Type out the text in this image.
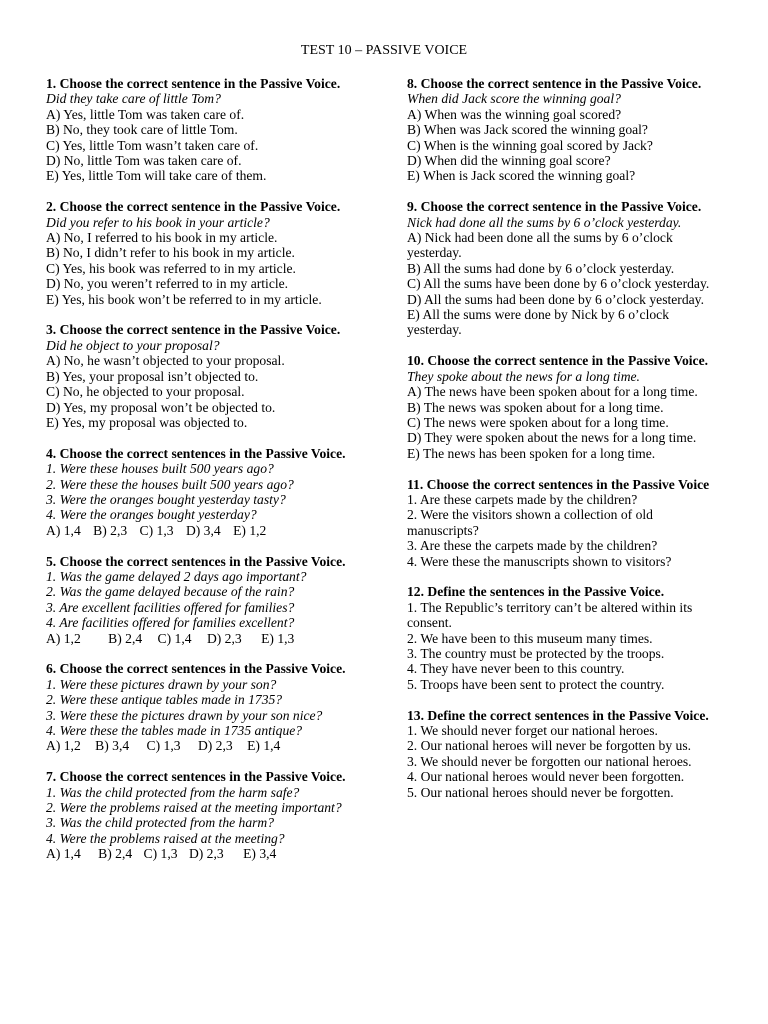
TEST 10 – PASSIVE VOICE
1. Choose the correct sentence in the Passive Voice.
Did they take care of little Tom?
A) Yes, little Tom was taken care of.
B) No, they took care of little Tom.
C) Yes, little Tom wasn’t taken care of.
D) No, little Tom was taken care of.
E) Yes, little Tom will take care of them.
2. Choose the correct sentence in the Passive Voice.
Did you refer to his book in your article?
A) No, I referred to his book in my article.
B) No, I didn’t refer to his book in my article.
C) Yes, his book was referred to in my article.
D) No, you weren’t referred to in my article.
E) Yes, his book won’t be referred to in my article.
3. Choose the correct sentence in the Passive Voice.
Did he object to your proposal?
A) No, he wasn’t objected to your proposal.
B) Yes, your proposal isn’t objected to.
C) No, he objected to your proposal.
D) Yes, my proposal won’t be objected to.
E) Yes, my proposal was objected to.
4. Choose the correct sentences in the Passive Voice.
1. Were these houses built 500 years ago?
2. Were these the houses built 500 years ago?
3. Were the oranges bought yesterday tasty?
4. Were the oranges bought yesterday?
A) 1,4 B) 2,3 C) 1,3 D) 3,4 E) 1,2
5. Choose the correct sentences in the Passive Voice.
1. Was the game delayed 2 days ago important?
2. Was the game delayed because of the rain?
3. Are excellent facilities offered for families?
4. Are facilities offered for families excellent?
A) 1,2 B) 2,4 C) 1,4 D) 2,3 E) 1,3
6. Choose the correct sentences in the Passive Voice.
1. Were these pictures drawn by your son?
2. Were these antique tables made in 1735?
3. Were these the pictures drawn by your son nice?
4. Were these the tables made in 1735 antique?
A) 1,2 B) 3,4 C) 1,3 D) 2,3 E) 1,4
7. Choose the correct sentences in the Passive Voice.
1. Was the child protected from the harm safe?
2. Were the problems raised at the meeting important?
3. Was the child protected from the harm?
4. Were the problems raised at the meeting?
A) 1,4 B) 2,4 C) 1,3 D) 2,3 E) 3,4
8. Choose the correct sentence in the Passive Voice.
When did Jack score the winning goal?
A) When was the winning goal scored?
B) When was Jack scored the winning goal?
C) When is the winning goal scored by Jack?
D) When did the winning goal score?
E) When is Jack scored the winning goal?
9. Choose the correct sentence in the Passive Voice.
Nick had done all the sums by 6 o’clock yesterday.
A) Nick had been done all the sums by 6 o’clock yesterday.
B) All the sums had done by 6 o’clock yesterday.
C) All the sums have been done by 6 o’clock yesterday.
D) All the sums had been done by 6 o’clock yesterday.
E) All the sums were done by Nick by 6 o’clock yesterday.
10. Choose the correct sentence in the Passive Voice.
They spoke about the news for a long time.
A) The news have been spoken about for a long time.
B) The news was spoken about for a long time.
C) The news were spoken about for a long time.
D) They were spoken about the news for a long time.
E) The news has been spoken for a long time.
11. Choose the correct sentences in the Passive Voice
1. Are these carpets made by the children?
2. Were the visitors shown a collection of old manuscripts?
3. Are these the carpets made by the children?
4. Were these the manuscripts shown to visitors?
12. Define the sentences in the Passive Voice.
1. The Republic’s territory can’t be altered within its consent.
2. We have been to this museum many times.
3. The country must be protected by the troops.
4. They have never been to this country.
5. Troops have been sent to protect the country.
13. Define the correct sentences in the Passive Voice.
1. We should never forget our national heroes.
2. Our national heroes will never be forgotten by us.
3. We should never be forgotten our national heroes.
4. Our national heroes would never been forgotten.
5. Our national heroes should never be forgotten.
